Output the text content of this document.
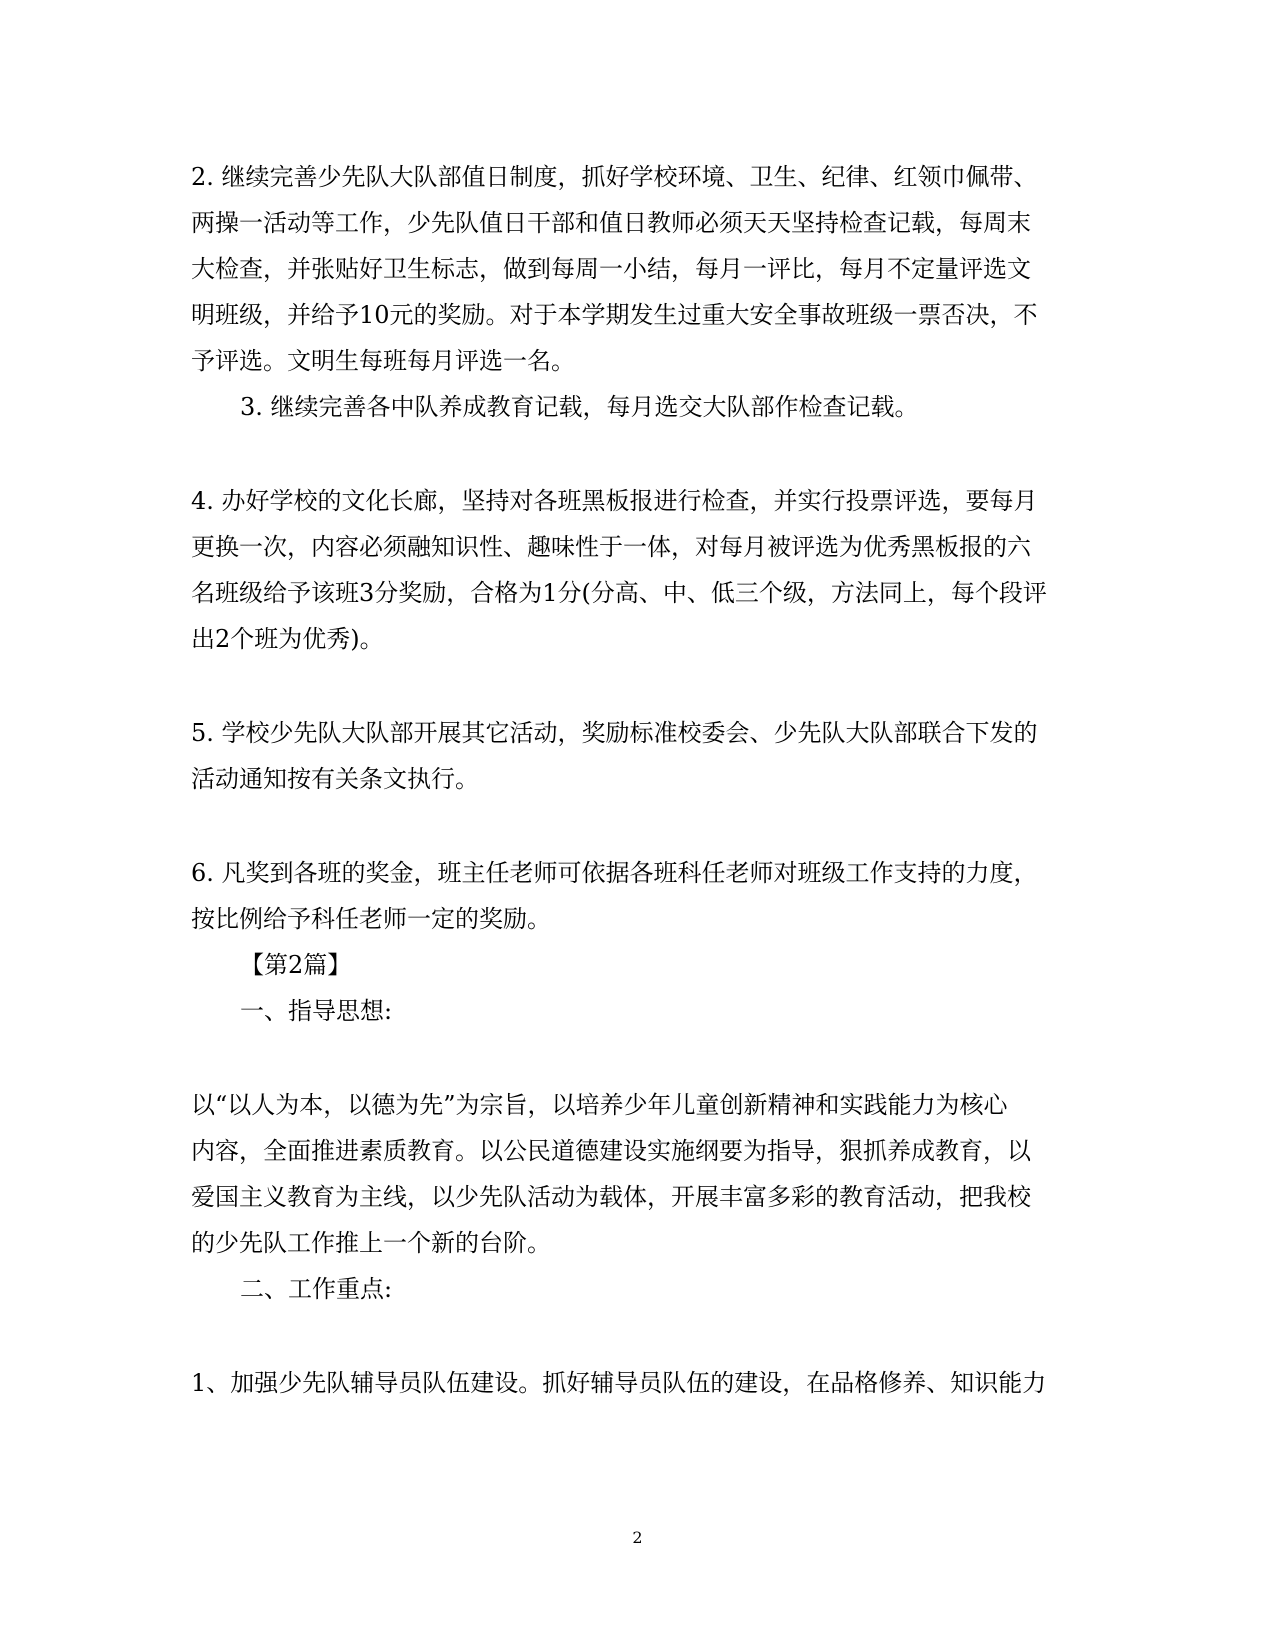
2. 继续完善少先队大队部值日制度，抓好学校环境、卫生、纪律、红领巾佩带、
两操一活动等工作，少先队值日干部和值日教师必须天天坚持检查记载，每周末
大检查，并张贴好卫生标志，做到每周一小结，每月一评比，每月不定量评选文
明班级，并给予10元的奖励。对于本学期发生过重大安全事故班级一票否决，不
予评选。文明生每班每月评选一名。
3. 继续完善各中队养成教育记载，每月选交大队部作检查记载。
4. 办好学校的文化长廊，坚持对各班黑板报进行检查，并实行投票评选，要每月
更换一次，内容必须融知识性、趣味性于一体，对每月被评选为优秀黑板报的六
名班级给予该班3分奖励，合格为1分(分高、中、低三个级，方法同上，每个段评
出2个班为优秀)。
5. 学校少先队大队部开展其它活动，奖励标准校委会、少先队大队部联合下发的
活动通知按有关条文执行。
6. 凡奖到各班的奖金，班主任老师可依据各班科任老师对班级工作支持的力度，
按比例给予科任老师一定的奖励。
【第2篇】
一、指导思想:
以“以人为本，以德为先”为宗旨，以培养少年儿童创新精神和实践能力为核心
内容，全面推进素质教育。以公民道德建设实施纲要为指导，狠抓养成教育，以
爱国主义教育为主线，以少先队活动为载体，开展丰富多彩的教育活动，把我校
的少先队工作推上一个新的台阶。
二、工作重点:
1、加强少先队辅导员队伍建设。抓好辅导员队伍的建设，在品格修养、知识能力
2
